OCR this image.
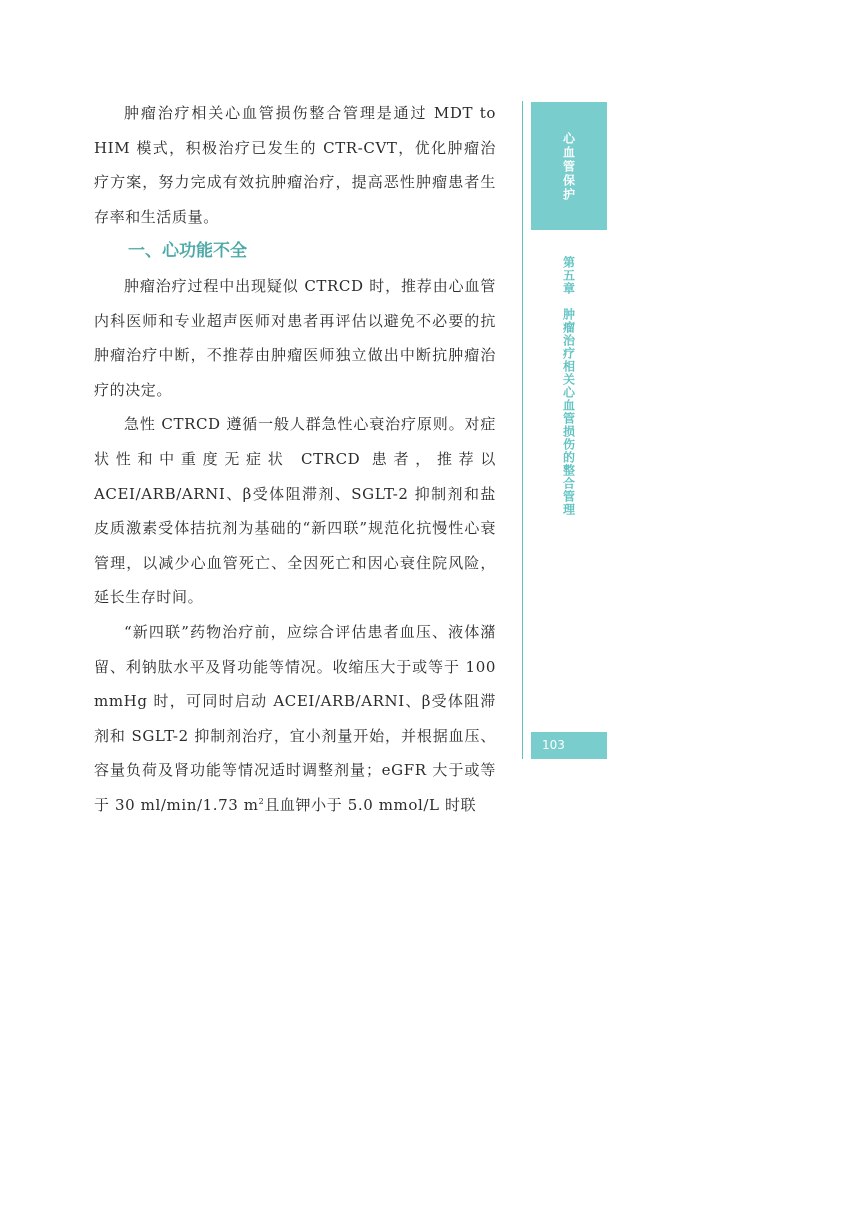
肿瘤治疗相关心血管损伤整合管理是通过 MDT to HIM 模式，积极治疗已发生的 CTR-CVT，优化肿瘤治疗方案，努力完成有效抗肿瘤治疗，提高恶性肿瘤患者生存率和生活质量。

一、心功能不全

肿瘤治疗过程中出现疑似 CTRCD 时，推荐由心血管内科医师和专业超声医师对患者再评估以避免不必要的抗肿瘤治疗中断，不推荐由肿瘤医师独立做出中断抗肿瘤治疗的决定。

急性 CTRCD 遵循一般人群急性心衰治疗原则。对症状性和中重度无症状 CTRCD 患者，推荐以 ACEI/ARB/ARNI、β受体阻滞剂、SGLT-2 抑制剂和盐皮质激素受体拮抗剂为基础的“新四联”规范化抗慢性心衰管理，以减少心血管死亡、全因死亡和因心衰住院风险，延长生存时间。

“新四联”药物治疗前，应综合评估患者血压、液体潴留、利钠肽水平及肾功能等情况。收缩压大于或等于 100 mmHg 时，可同时启动 ACEI/ARB/ARNI、β受体阻滞剂和 SGLT-2 抑制剂治疗，宜小剂量开始，并根据血压、容量负荷及肾功能等情况适时调整剂量；eGFR 大于或等于 30 ml/min/1.73 $m^2$且血钾小于 5.0 mmol/L 时联

心血管保护
第五章　肿瘤治疗相关心血管损伤的整合管理
103
